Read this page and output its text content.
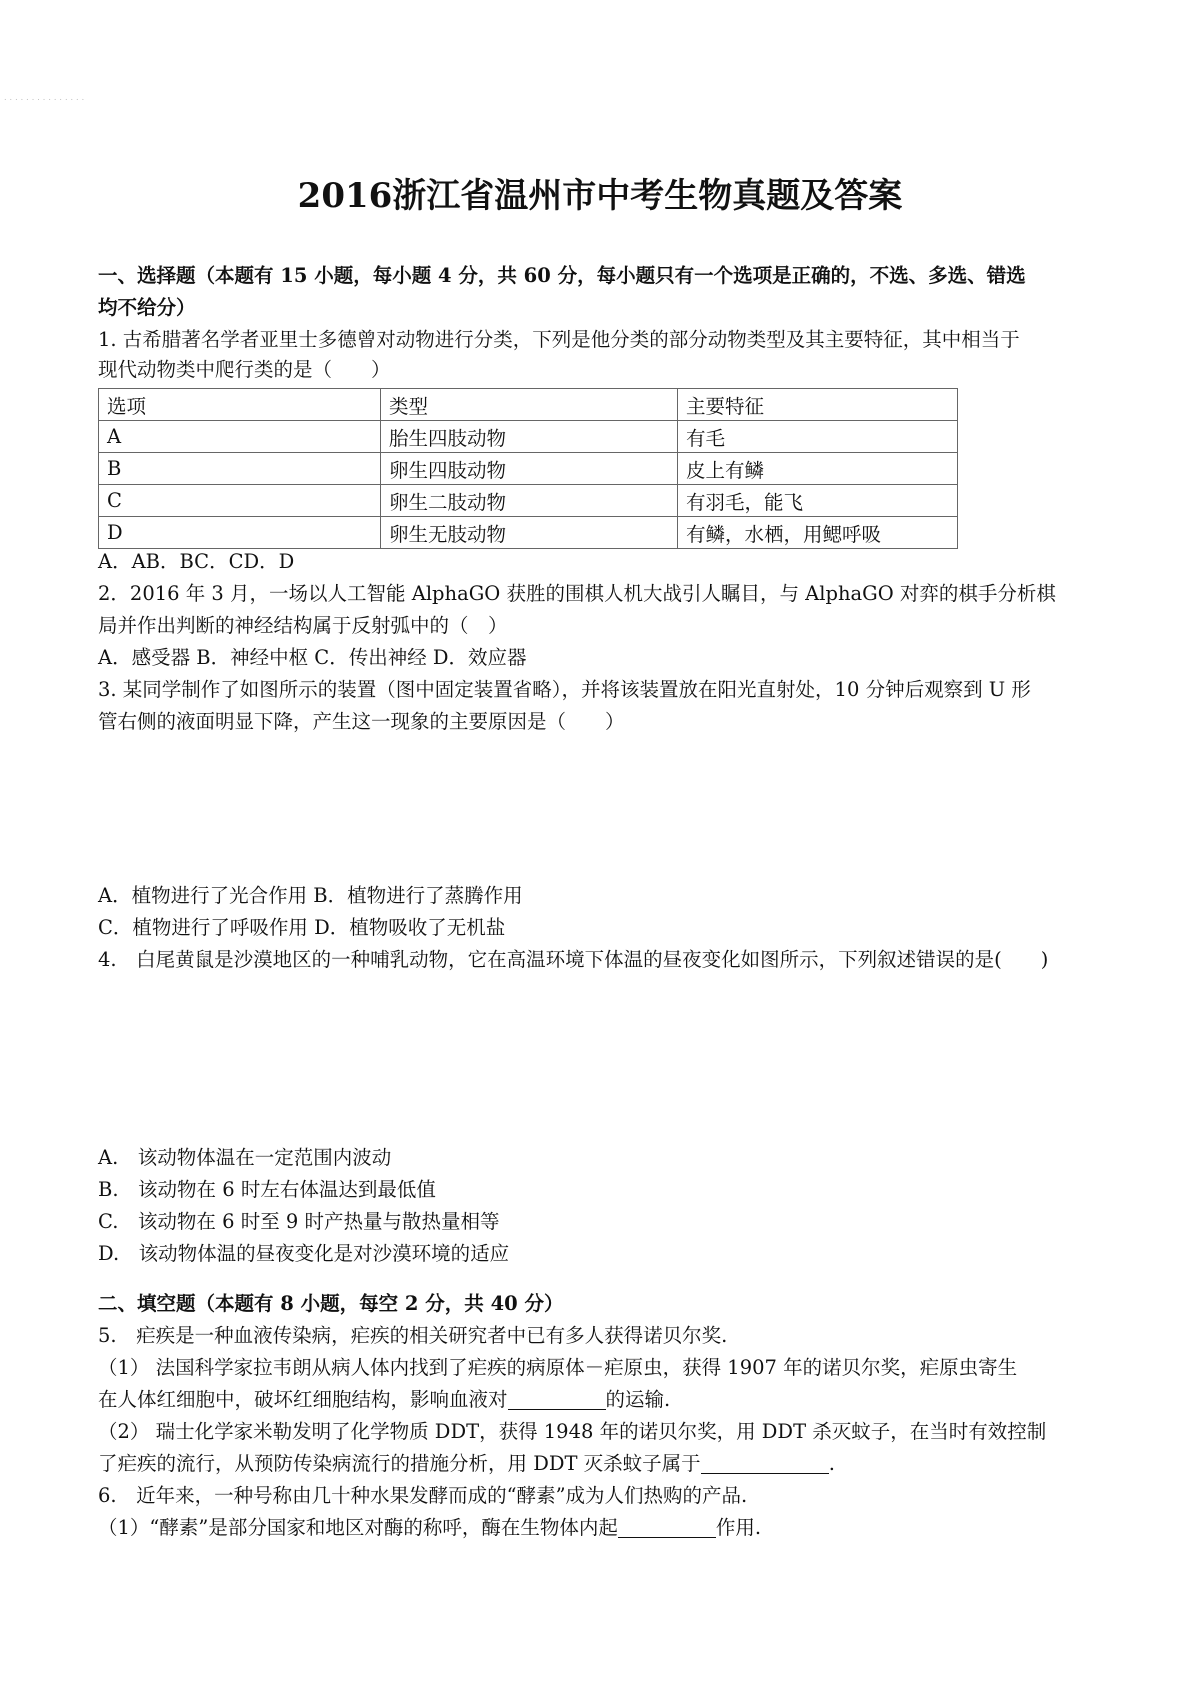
...............
2016浙江省温州市中考生物真题及答案
一、选择题（本题有 15 小题，每小题 4 分，共 60 分，每小题只有一个选项是正确的，不选、多选、错选
均不给分）
1. 古希腊著名学者亚里士多德曾对动物进行分类，下列是他分类的部分动物类型及其主要特征，其中相当于
现代动物类中爬行类的是（　　）
选项	类型	主要特征
A	胎生四肢动物	有毛
B	卵生四肢动物	皮上有鳞
C	卵生二肢动物	有羽毛，能飞
D	卵生无肢动物	有鳞，水栖，用鳃呼吸
A．AB．BC．CD．D
2．2016 年 3 月，一场以人工智能 AlphaGO 获胜的围棋人机大战引人瞩目，与 AlphaGO 对弈的棋手分析棋
局并作出判断的神经结构属于反射弧中的（　）
A．感受器 B．神经中枢 C．传出神经 D．效应器
3. 某同学制作了如图所示的装置（图中固定装置省略），并将该装置放在阳光直射处，10 分钟后观察到 U 形
管右侧的液面明显下降，产生这一现象的主要原因是（　　）
A．植物进行了光合作用 B．植物进行了蒸腾作用
C．植物进行了呼吸作用 D．植物吸收了无机盐
4.　白尾黄鼠是沙漠地区的一种哺乳动物，它在高温环境下体温的昼夜变化如图所示，下列叙述错误的是(　　)
A.　该动物体温在一定范围内波动
B.　该动物在 6 时左右体温达到最低值
C.　该动物在 6 时至 9 时产热量与散热量相等
D.　该动物体温的昼夜变化是对沙漠环境的适应
二、填空题（本题有 8 小题，每空 2 分，共 40 分）
5.　疟疾是一种血液传染病，疟疾的相关研究者中已有多人获得诺贝尔奖.
（1） 法国科学家拉韦朗从病人体内找到了疟疾的病原体－疟原虫，获得 1907 年的诺贝尔奖，疟原虫寄生
在人体红细胞中，破坏红细胞结构，影响血液对	的运输.
（2） 瑞士化学家米勒发明了化学物质 DDT，获得 1948 年的诺贝尔奖，用 DDT 杀灭蚊子，在当时有效控制
了疟疾的流行，从预防传染病流行的措施分析，用 DDT 灭杀蚊子属于	.
6.　近年来，一种号称由几十种水果发酵而成的“酵素”成为人们热购的产品.
（1）“酵素”是部分国家和地区对酶的称呼，酶在生物体内起	作用.
